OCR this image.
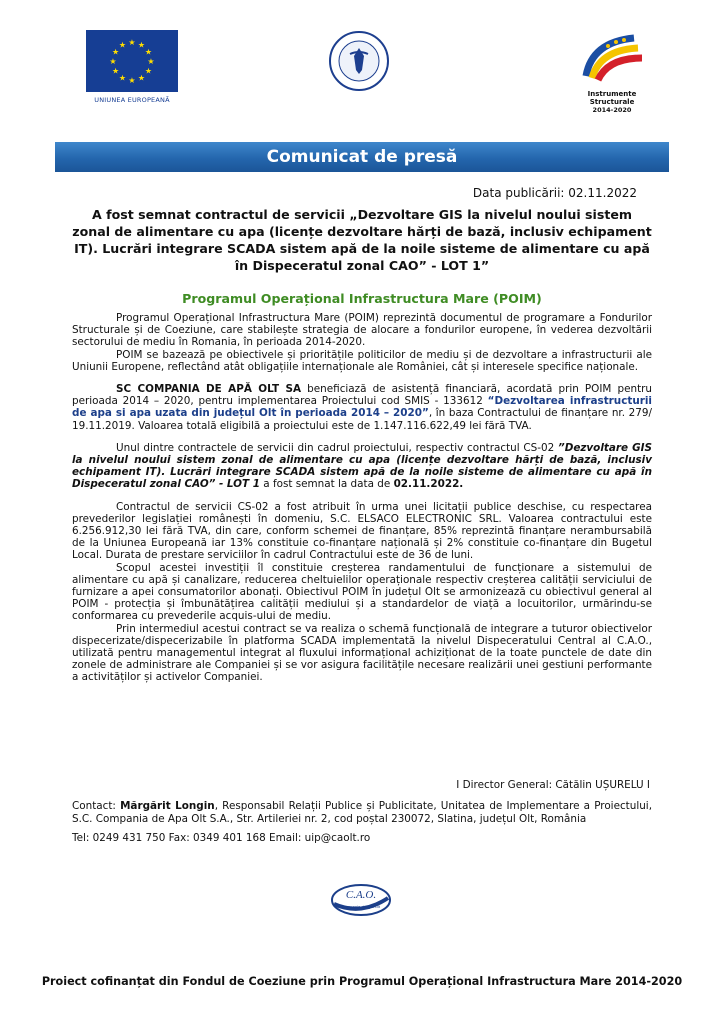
★ ★
★
★
★
★
★
★
★
★
★
★
UNIUNEA EUROPEANĂ
Instrumente Structurale
2014-2020
Comunicat de presă
Data publicării: 02.11.2022
A fost semnat contractul de servicii „Dezvoltare GIS la nivelul noului sistem zonal de alimentare cu apa (licențe dezvoltare hărți de bază, inclusiv echipament IT). Lucrări integrare SCADA sistem apă de la noile sisteme de alimentare cu apă în Dispeceratul zonal CAO” - LOT 1”
Programul Operațional Infrastructura Mare (POIM)

Programul Operațional Infrastructura Mare (POIM) reprezintă documentul de programare a Fondurilor Structurale și de Coeziune, care stabilește strategia de alocare a fondurilor europene, în vederea dezvoltării sectorului de mediu în Romania, în perioada 2014-2020.

POIM se bazează pe obiectivele și prioritățile politicilor de mediu și de dezvoltare a infrastructurii ale Uniunii Europene, reflectând atât obligațiile internaționale ale României, cât și interesele specifice naționale.

SC COMPANIA DE APĂ OLT SA beneficiază de asistență financiară, acordată prin POIM pentru perioada 2014 – 2020, pentru implementarea Proiectului cod SMIS - 133612 “Dezvoltarea infrastructurii de apa si apa uzata din județul Olt în perioada 2014 – 2020”, în baza Contractului de finanțare nr. 279/ 19.11.2019. Valoarea totală eligibilă a proiectului este de 1.147.116.622,49 lei fără TVA.

Unul dintre contractele de servicii din cadrul proiectului, respectiv contractul CS-02 ”Dezvoltare GIS la nivelul noului sistem zonal de alimentare cu apa (licențe dezvoltare hărți de bază, inclusiv echipament IT). Lucrări integrare SCADA sistem apă de la noile sisteme de alimentare cu apă în Dispeceratul zonal CAO” - LOT 1 a fost semnat la data de 02.11.2022.

Contractul de servicii CS-02 a fost atribuit în urma unei licitații publice deschise, cu respectarea prevederilor legislației românești în domeniu, S.C. ELSACO ELECTRONIC SRL. Valoarea contractului este 6.256.912,30 lei fără TVA, din care, conform schemei de finanțare, 85% reprezintă finanțare nerambursabilă de la Uniunea Europeană iar 13% constituie co-finanțare națională și 2% constituie co-finanțare din Bugetul Local. Durata de prestare serviciilor în cadrul Contractului este de 36 de luni.

Scopul acestei investiții îl constituie creșterea randamentului de funcționare a sistemului de alimentare cu apă și canalizare, reducerea cheltuielilor operaționale respectiv creșterea calității serviciului de furnizare a apei consumatorilor abonați. Obiectivul POIM în județul Olt se armonizează cu obiectivul general al POIM - protecția și îmbunătățirea calității mediului și a standardelor de viață a locuitorilor, urmărindu-se conformarea cu prevederile acquis-ului de mediu.

Prin intermediul acestui contract se va realiza o schemă funcțională de integrare a tuturor obiectivelor dispecerizate/dispecerizabile în platforma SCADA implementată la nivelul Dispeceratului Central al C.A.O., utilizată pentru managementul integrat al fluxului informațional achiziționat de la toate punctele de date din zonele de administrare ale Companiei și se vor asigura facilitățile necesare realizării unei gestiuni performante a activităților și activelor Companiei.

I Director General: Cătălin UȘURELU I
Contact: Mărgărit Longin, Responsabil Relații Publice și Publicitate, Unitatea de Implementare a Proiectului, S.C. Compania de Apa Olt S.A., Str. Artileriei nr. 2, cod poștal 230072, Slatina, județul Olt, România
Tel: 0249 431 750 Fax: 0349 401 168 Email: uip@caolt.ro
C.A.O.
Compania de Apa Olt
Proiect cofinanțat din Fondul de Coeziune prin Programul Operațional Infrastructura Mare 2014-2020
